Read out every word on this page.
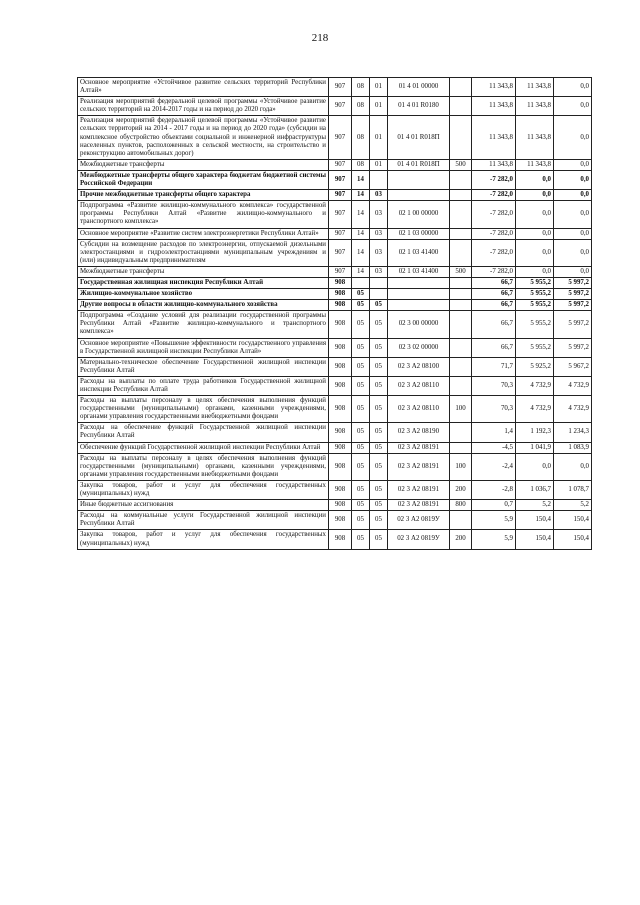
218
Основное мероприятие «Устойчивое развитие сельских территорий Республики Алтай»	907	08	01	01 4 01 00000		11 343,8	11 343,8	0,0
Реализация мероприятий федеральной целевой программы «Устойчивое развитие сельских территорий на 2014-2017 годы и на период до 2020 года»	907	08	01	01 4 01 R0180		11 343,8	11 343,8	0,0
Реализация мероприятий федеральной целевой программы «Устойчивое развитие сельских территорий на 2014 - 2017 годы и на период до 2020 года» (субсидии на комплексное обустройство объектами социальной и инженерной инфраструктуры населенных пунктов, расположенных в сельской местности, на строительство и реконструкцию автомобильных дорог)	907	08	01	01 4 01 R018П		11 343,8	11 343,8	0,0
Межбюджетные трансферты	907	08	01	01 4 01 R018П	500	11 343,8	11 343,8	0,0
Межбюджетные трансферты общего характера бюджетам бюджетной системы Российской Федерации	907	14				-7 282,0	0,0	0,0
Прочие межбюджетные трансферты общего характера	907	14	03			-7 282,0	0,0	0,0
Подпрограмма «Развитие жилищно-коммунального комплекса» государственной программы Республики Алтай «Развитие жилищно-коммунального и транспортного комплекса»	907	14	03	02 1 00 00000		-7 282,0	0,0	0,0
Основное мероприятие «Развитие систем электроэнергетики Республики Алтай»	907	14	03	02 1 03 00000		-7 282,0	0,0	0,0
Субсидии на возмещение расходов по электроэнергии, отпускаемой дизельными электростанциями и гидроэлектростанциями муниципальным учреждениям и (или) индивидуальным предпринимателям	907	14	03	02 1 03 41400		-7 282,0	0,0	0,0
Межбюджетные трансферты	907	14	03	02 1 03 41400	500	-7 282,0	0,0	0,0
Государственная жилищная инспекция Республики Алтай	908					66,7	5 955,2	5 997,2
Жилищно-коммунальное хозяйство	908	05				66,7	5 955,2	5 997,2
Другие вопросы в области жилищно-коммунального хозяйства	908	05	05			66,7	5 955,2	5 997,2
Подпрограмма «Создание условий для реализации государственной программы Республики Алтай «Развитие жилищно-коммунального и транспортного комплекса»	908	05	05	02 3 00 00000		66,7	5 955,2	5 997,2
Основное мероприятие «Повышение эффективности государственного управления в Государственной жилищной инспекции Республики Алтай»	908	05	05	02 3 02 00000		66,7	5 955,2	5 997,2
Материально-техническое обеспечение Государственной жилищной инспекции Республики Алтай	908	05	05	02 3 А2 08100		71,7	5 925,2	5 967,2
Расходы на выплаты по оплате труда работников Государственной жилищной инспекции Республики Алтай	908	05	05	02 3 А2 08110		70,3	4 732,9	4 732,9
Расходы на выплаты персоналу в целях обеспечения выполнения функций государственными (муниципальными) органами, казенными учреждениями, органами управления государственными внебюджетными фондами	908	05	05	02 3 А2 08110	100	70,3	4 732,9	4 732,9
Расходы на обеспечение функций Государственной жилищной инспекции Республики Алтай	908	05	05	02 3 А2 08190		1,4	1 192,3	1 234,3
Обеспечение функций Государственной жилищной инспекции Республики Алтай	908	05	05	02 3 А2 08191		-4,5	1 041,9	1 083,9
Расходы на выплаты персоналу в целях обеспечения выполнения функций государственными (муниципальными) органами, казенными учреждениями, органами управления государственными внебюджетными фондами	908	05	05	02 3 А2 08191	100	-2,4	0,0	0,0
Закупка товаров, работ и услуг для обеспечения государственных (муниципальных) нужд	908	05	05	02 3 А2 08191	200	-2,8	1 036,7	1 078,7
Иные бюджетные ассигнования	908	05	05	02 3 А2 08191	800	0,7	5,2	5,2
Расходы на коммунальные услуги Государственной жилищной инспекции Республики Алтай	908	05	05	02 3 А2 0819У		5,9	150,4	150,4
Закупка товаров, работ и услуг для обеспечения государственных (муниципальных) нужд	908	05	05	02 3 А2 0819У	200	5,9	150,4	150,4
